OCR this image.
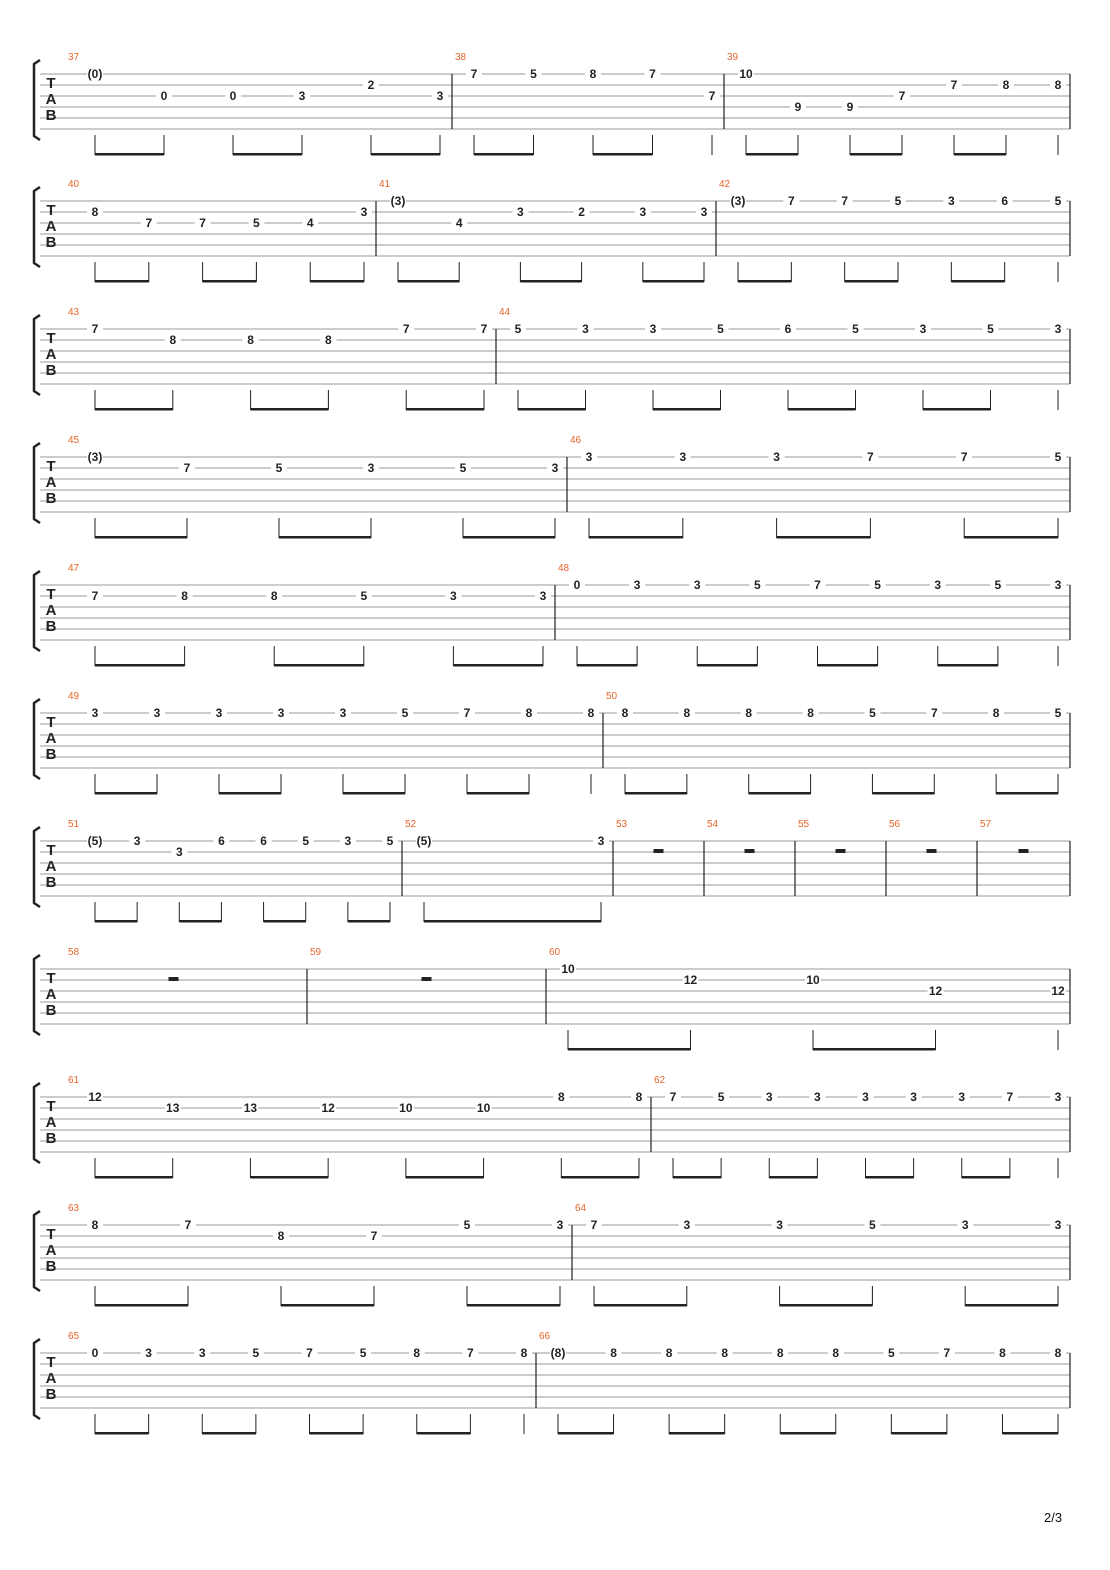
T
A
B
37
(0)
0	0	3
2
3
38
7	5	8	7
7
39
10
9	9
7
7	8	8
T
A
B
40
8
7	7	5	4
3
41
(3)
4
3	2	3	3
42
(3)	7	7	5	3	6	5
T
A
B
43
7
8	8	8
7	7
44
5	3	3	5	6	5	3	5	3
T
A
B
45
(3)
7	5	3	5	3
46
3	3	3	7	7	5
T
A
B
47
7	8	8	5	3	3
48
0	3	3	5	7	5	3	5	3
T
A
B
49
3	3	3	3	3	5	7	8	8
50
8	8	8	8	5	7	8	5
T
A
B
51
(5)	3
3
6	6	5	3	5
52
(5)	3
53	54	55	56	57
T
A
B
58	59	60
10
12	10
12	12
T
A
B
61
12
13	13	12	10	10
8	8
62
7	5	3	3	3	3	3	7	3
T
A
B
63
8	7
8	7
5	3
64
7	3	3	5	3	3
T
A
B
65
0	3	3	5	7	5	8	7	8
66
(8)	8	8	8	8	8	5	7	8	8
2/3
